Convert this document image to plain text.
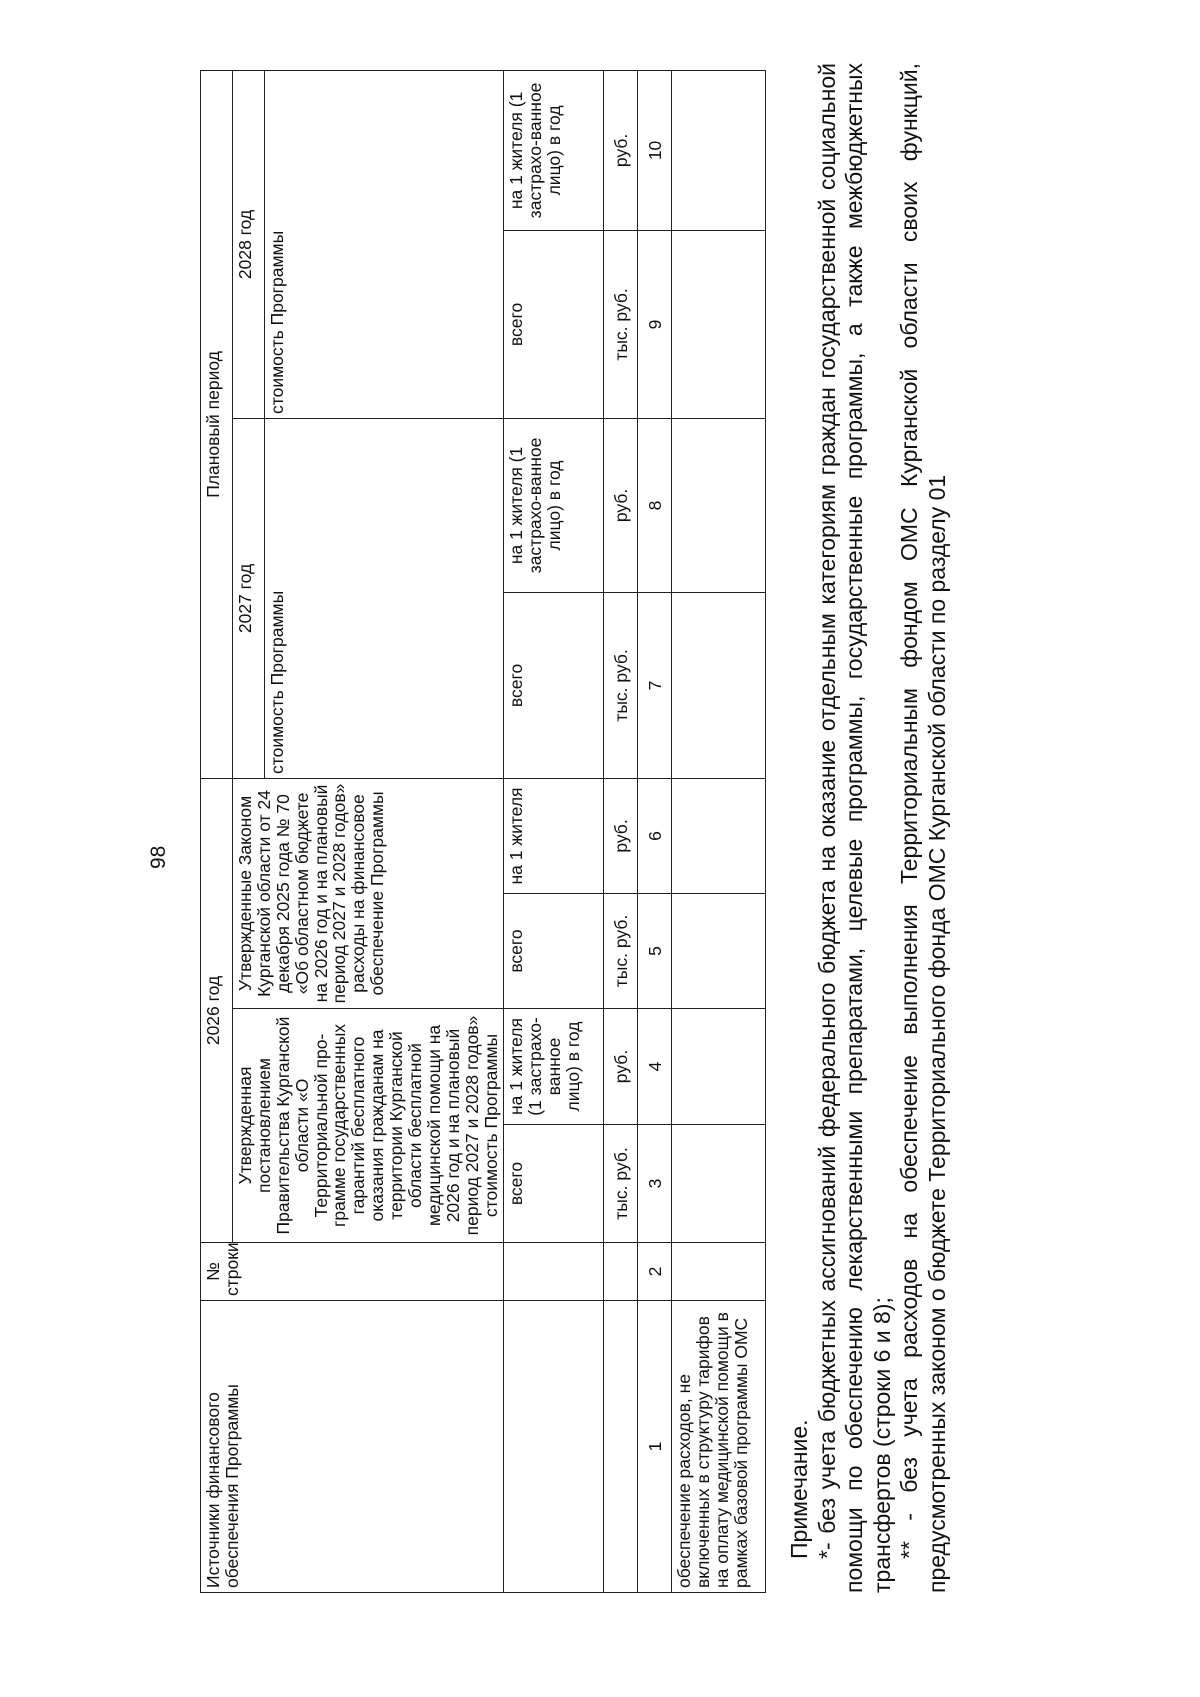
98
Источники финансового обеспечения Программы	№ строки	2026 год				Плановый период			
		Утвержденная постановлением Правительства Курганской области «О Территориальной про-грамме государственных гарантий бесплатного оказания гражданам на территории Курганской области бесплатной медицинской помощи на 2026 год и на плановый период 2027 и 2028 годов» стоимость Программы		Утвержденные Законом Курганской области от 24 декабря 2025 года № 70 «Об областном бюджете на 2026 год и на плановый период 2027 и 2028 годов» расходы на финансовое обеспечение Программы		2027 год		2028 год	
						стоимость Программы		стоимость Программы	
		всего	на 1 жителя (1 застрахо-ванное лицо) в год	всего	на 1 жителя	всего	на 1 жителя (1 застрахо-ванное лицо) в год	всего	на 1 жителя (1 застрахо-ванное лицо) в год
		тыс. руб.	руб.	тыс. руб.	руб.	тыс. руб.	руб.	тыс. руб.	руб.
1	2	3	4	5	6	7	8	9	10
обеспечение расходов, не включенных в структуру тарифов на оплату медицинской помощи в рамках базовой программы ОМС									Примечание. *- без учета бюджетных ассигнований федерального бюджета на оказание отдельным категориям граждан государственной социальной помощи по обеспечению лекарственными препаратами, целевые программы, государственные программы, а также межбюджетных трансфертов (строки 6 и 8); ** - без учета расходов на обеспечение выполнения Территориальным фондом ОМС Курганской области своих функций, предусмотренных законом о бюджете Территориального фонда ОМС Курганской области по разделу 01
